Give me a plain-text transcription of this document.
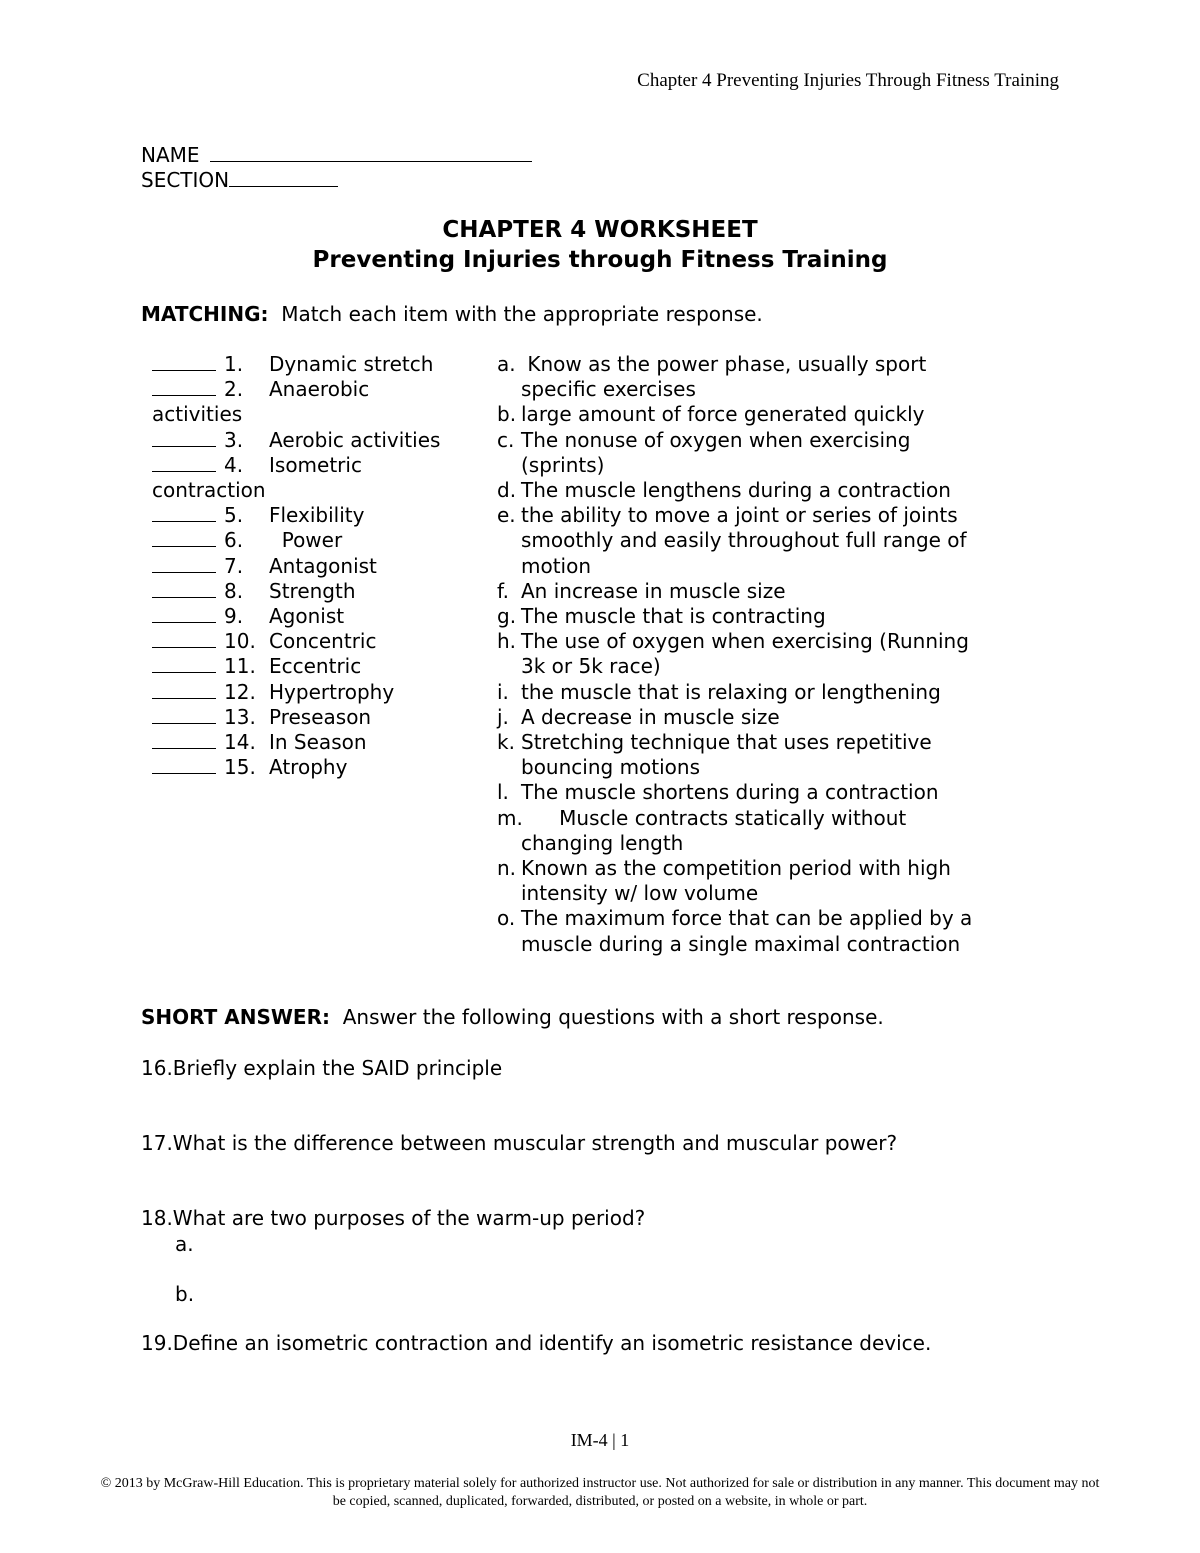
Chapter 4 Preventing Injuries Through Fitness Training
NAME
SECTION
CHAPTER 4 WORKSHEET
Preventing Injuries through Fitness Training
MATCHING: Match each item with the appropriate response.
1. Dynamic stretch
2. Anaerobic
activities
3. Aerobic activities
4. Isometric
contraction
5. Flexibility
6.  Power
7. Antagonist
8. Strength
9. Agonist
10. Concentric
11. Eccentric
12. Hypertrophy
13. Preseason
14. In Season
15. Atrophy
a. Know as the power phase, usually sport
specific exercises
b. large amount of force generated quickly
c. The nonuse of oxygen when exercising
(sprints)
d. The muscle lengthens during a contraction
e. the ability to move a joint or series of joints
smoothly and easily throughout full range of
motion
f. An increase in muscle size
g. The muscle that is contracting
h. The use of oxygen when exercising (Running
3k or 5k race)
i. the muscle that is relaxing or lengthening
j. A decrease in muscle size
k. Stretching technique that uses repetitive
bouncing motions
l. The muscle shortens during a contraction
m.      Muscle contracts statically without
changing length
n. Known as the competition period with high
intensity w/ low volume
o. The maximum force that can be applied by a
muscle during a single maximal contraction
SHORT ANSWER: Answer the following questions with a short response.
16.Briefly explain the SAID principle
17.What is the difference between muscular strength and muscular power?
18.What are two purposes of the warm-up period?
a.
b.
19.Define an isometric contraction and identify an isometric resistance device.
IM-4 | 1
© 2013 by McGraw-Hill Education. This is proprietary material solely for authorized instructor use. Not authorized for sale or distribution in any manner. This document may not be copied, scanned, duplicated, forwarded, distributed, or posted on a website, in whole or part.
